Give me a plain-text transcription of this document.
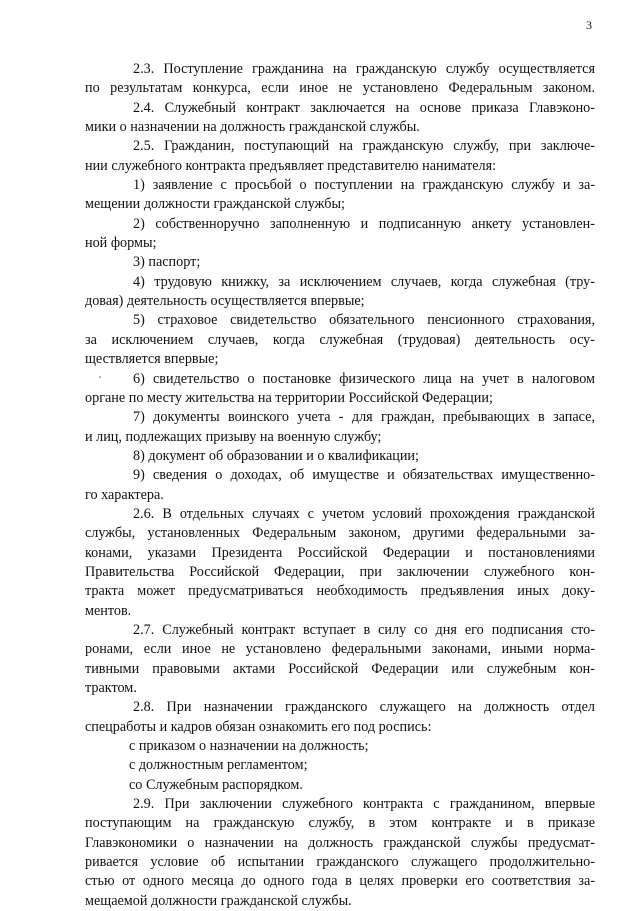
3
2.3. Поступление гражданина на гражданскую службу осуществляется
по результатам конкурса, если иное не установлено Федеральным законом.
2.4. Служебный контракт заключается на основе приказа Главэконо-
мики о назначении на должность гражданской службы.
2.5. Гражданин, поступающий на гражданскую службу, при заключе-
нии служебного контракта предъявляет представителю нанимателя:
1) заявление с просьбой о поступлении на гражданскую службу и за-
мещении должности гражданской службы;
2) собственноручно заполненную и подписанную анкету установлен-
ной формы;
3) паспорт;
4) трудовую книжку, за исключением случаев, когда служебная (тру-
довая) деятельность осуществляется впервые;
5) страховое свидетельство обязательного пенсионного страхования,
за исключением случаев, когда служебная (трудовая) деятельность осу-
ществляется впервые;
6) свидетельство о постановке физического лица на учет в налоговом
органе по месту жительства на территории Российской Федерации;
7) документы воинского учета - для граждан, пребывающих в запасе,
и лиц, подлежащих призыву на военную службу;
8) документ об образовании и о квалификации;
9) сведения о доходах, об имуществе и обязательствах имущественно-
го характера.
2.6. В отдельных случаях с учетом условий прохождения гражданской
службы, установленных Федеральным законом, другими федеральными за-
конами, указами Президента Российской Федерации и постановлениями
Правительства Российской Федерации, при заключении служебного кон-
тракта может предусматриваться необходимость предъявления иных доку-
ментов.
2.7. Служебный контракт вступает в силу со дня его подписания сто-
ронами, если иное не установлено федеральными законами, иными норма-
тивными правовыми актами Российской Федерации или служебным кон-
трактом.
2.8. При назначении гражданского служащего на должность отдел
спецработы и кадров обязан ознакомить его под роспись:
с приказом о назначении на должность;
с должностным регламентом;
со Служебным распорядком.
2.9. При заключении служебного контракта с гражданином, впервые
поступающим на гражданскую службу, в этом контракте и в приказе
Главэкономики о назначении на должность гражданской службы предусмат-
ривается условие об испытании гражданского служащего продолжительно-
стью от одного месяца до одного года в целях проверки его соответствия за-
мещаемой должности гражданской службы.
